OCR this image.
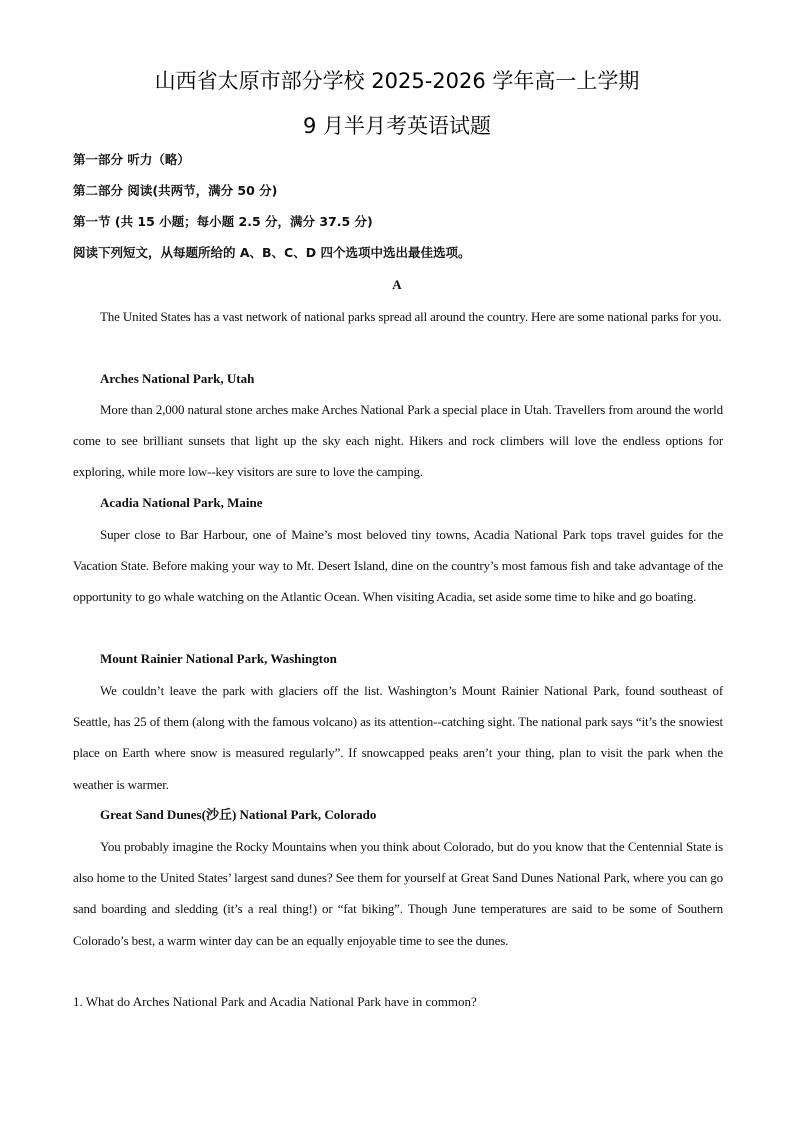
山西省太原市部分学校 2025-2026 学年高一上学期
9 月半月考英语试题

第一部分 听力（略）

第二部分 阅读(共两节，满分 50 分)

第一节 (共 15 小题；每小题 2.5 分，满分 37.5 分)

阅读下列短文，从每题所给的 A、B、C、D 四个选项中选出最佳选项。

A

The United States has a vast network of national parks spread all around the country. Here are some national parks for you.

Arches National Park, Utah

More than 2,000 natural stone arches make Arches National Park a special place in Utah. Travellers from around the world come to see brilliant sunsets that light up the sky each night. Hikers and rock climbers will love the endless options for exploring, while more low--key visitors are sure to love the camping.

Acadia National Park, Maine

Super close to Bar Harbour, one of Maine’s most beloved tiny towns, Acadia National Park tops travel guides for the Vacation State. Before making your way to Mt. Desert Island, dine on the country’s most famous fish and take advantage of the opportunity to go whale watching on the Atlantic Ocean. When visiting Acadia, set aside some time to hike and go boating.

Mount Rainier National Park, Washington

We couldn’t leave the park with glaciers off the list. Washington’s Mount Rainier National Park, found southeast of Seattle, has 25 of them (along with the famous volcano) as its attention--catching sight. The national park says “it’s the snowiest place on Earth where snow is measured regularly”. If snowcapped peaks aren’t your thing, plan to visit the park when the weather is warmer.

Great Sand Dunes(沙丘) National Park, Colorado

You probably imagine the Rocky Mountains when you think about Colorado, but do you know that the Centennial State is also home to the United States’ largest sand dunes? See them for yourself at Great Sand Dunes National Park, where you can go sand boarding and sledding (it’s a real thing!) or “fat biking”. Though June temperatures are said to be some of Southern Colorado’s best, a warm winter day can be an equally enjoyable time to see the dunes.

1. What do Arches National Park and Acadia National Park have in common?
